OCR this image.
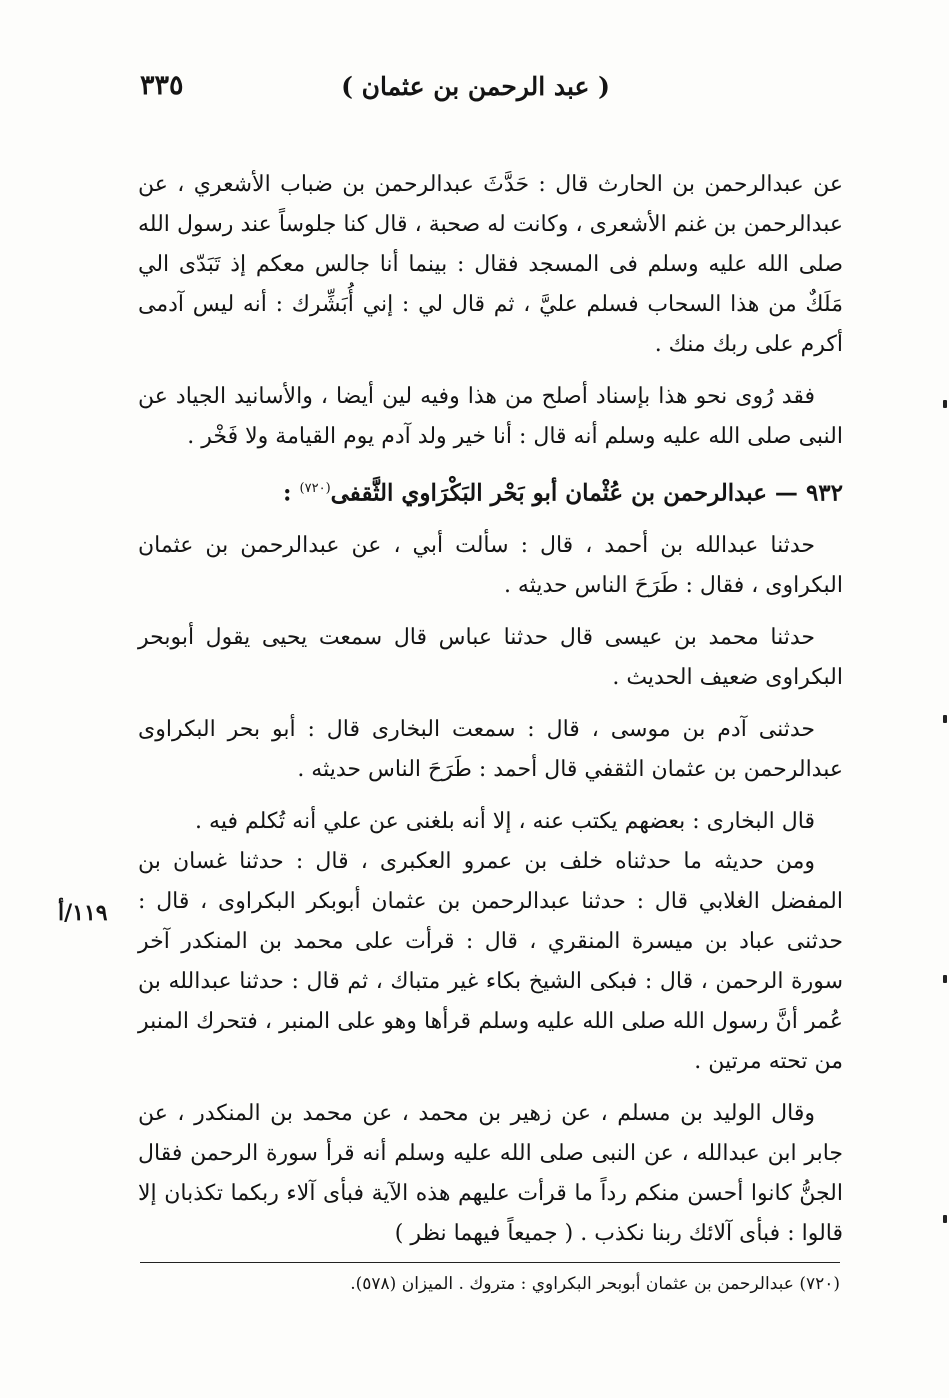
( عبد الرحمن بن عثمان )
٣٣٥

عن عبدالرحمن بن الحارث قال : حَدَّثَ عبدالرحمن بن ضباب الأشعري ، عن عبدالرحمن بن غنم الأشعرى ، وكانت له صحبة ، قال كنا جلوساً عند رسول الله صلى الله عليه وسلم فى المسجد فقال : بينما أنا جالس معكم إذ تَبَدّى الي مَلَكٌ من هذا السحاب فسلم عليَّ ، ثم قال لي : إني أُبَشِّرك : أنه ليس آدمى أكرم على ربك منك .

فقد رُوى نحو هذا بإسناد أصلح من هذا وفيه لين أيضا ، والأسانيد الجياد عن النبى صلى الله عليه وسلم أنه قال : أنا خير ولد آدم يوم القيامة ولا فَخْر .

٩٣٢ — عبدالرحمن بن عُثْمان أبو بَحْر البَكْرَاوي الثَّقفى$^{(٧٢٠)}$ :

حدثنا عبدالله بن أحمد ، قال : سألت أبي ، عن عبدالرحمن بن عثمان البكراوى ، فقال : طَرَحَ الناس حديثه .

حدثنا محمد بن عيسى قال حدثنا عباس قال سمعت يحيى يقول أبوبحر البكراوى ضعيف الحديث .

حدثنى آدم بن موسى ، قال : سمعت البخارى قال : أبو بحر البكراوى عبدالرحمن بن عثمان الثقفي قال أحمد : طَرَحَ الناس حديثه .

قال البخارى : بعضهم يكتب عنه ، إلا أنه بلغنى عن علي أنه تُكلم فيه .

ومن حديثه ما حدثناه خلف بن عمرو العكبرى ، قال : حدثنا غسان بن المفضل الغلابي قال : حدثنا عبدالرحمن بن عثمان أبوبكر البكراوى ، قال : حدثنى عباد بن ميسرة المنقري ، قال : قرأت على محمد بن المنكدر آخر سورة الرحمن ، قال : فبكى الشيخ بكاء غير متباك ، ثم قال : حدثنا عبدالله بن عُمر أنَّ رسول الله صلى الله عليه وسلم قرأها وهو على المنبر ، فتحرك المنبر من تحته مرتين .

وقال الوليد بن مسلم ، عن زهير بن محمد ، عن محمد بن المنكدر ، عن جابر ابن عبدالله ، عن النبى صلى الله عليه وسلم أنه قرأ سورة الرحمن فقال الجنُّ كانوا أحسن منكم رداً ما قرأت عليهم هذه الآية فبأى آلاء ربكما تكذبان إلا قالوا : فبأى آلائك ربنا نكذب . ( جميعاً فيهما نظر )

١١٩/أ
(٧٢٠) عبدالرحمن بن عثمان أبوبحر البكراوي : متروك . الميزان (٥٧٨).
